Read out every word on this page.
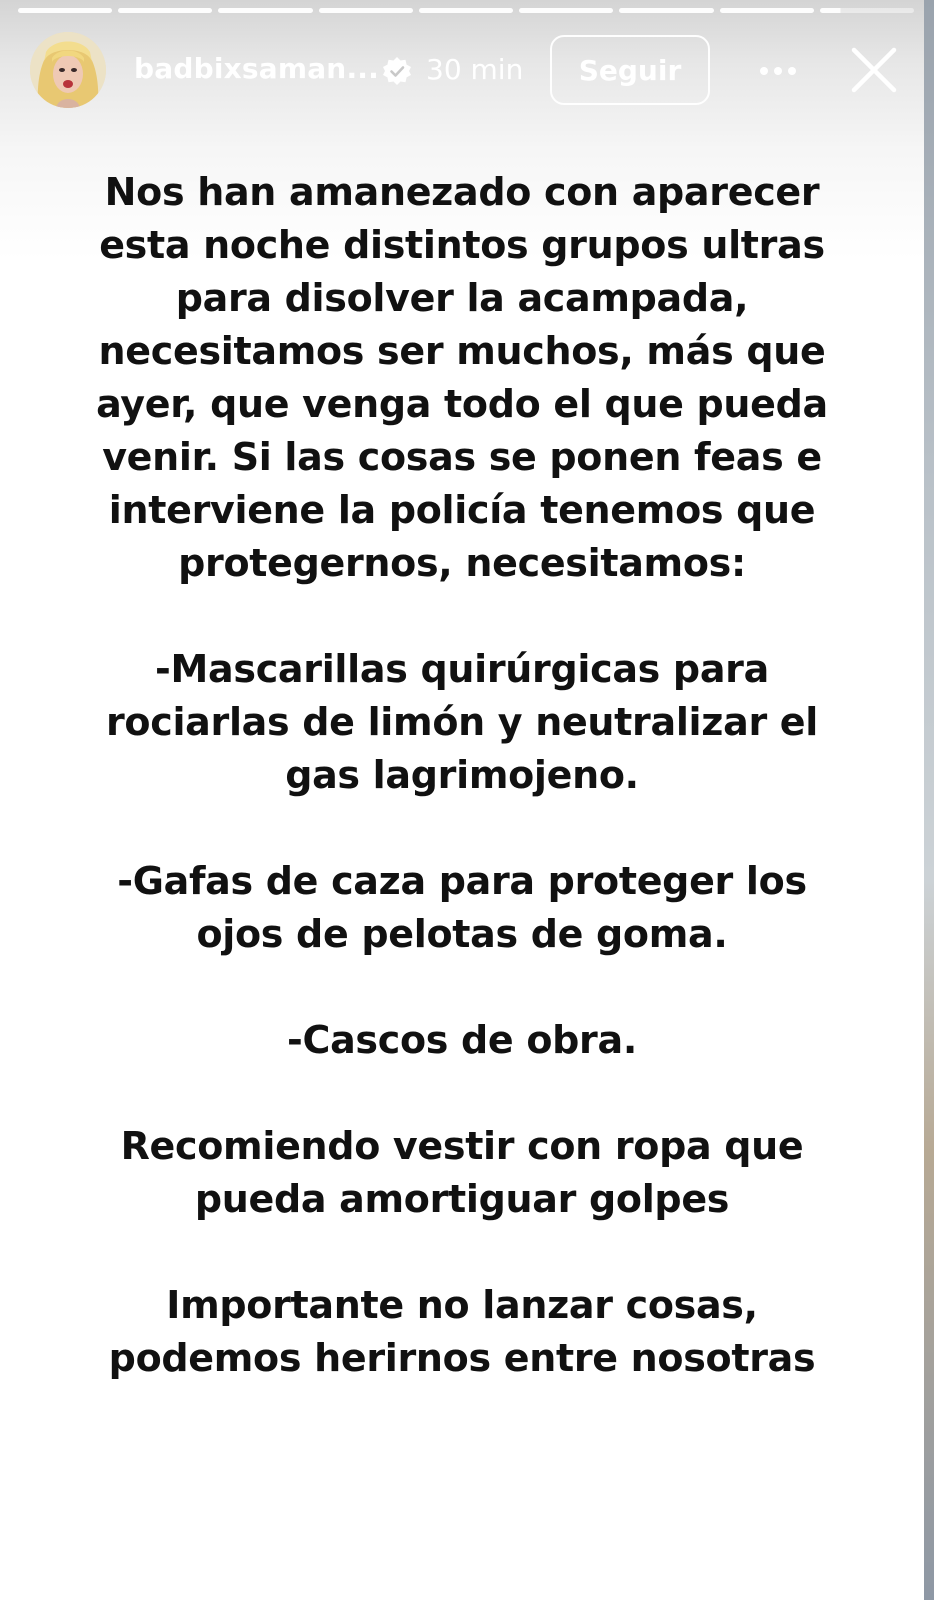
badbixsaman... 30 min	Seguir

Nos han amanezado con aparecer

esta noche distintos grupos ultras

para disolver la acampada,

necesitamos ser muchos, más que

ayer, que venga todo el que pueda

venir. Si las cosas se ponen feas e

interviene la policía tenemos que

protegernos, necesitamos:

-Mascarillas quirúrgicas para

rociarlas de limón y neutralizar el

gas lagrimojeno.

-Gafas de caza para proteger los

ojos de pelotas de goma.

-Cascos de obra.

Recomiendo vestir con ropa que

pueda amortiguar golpes

Importante no lanzar cosas,

podemos herirnos entre nosotras
